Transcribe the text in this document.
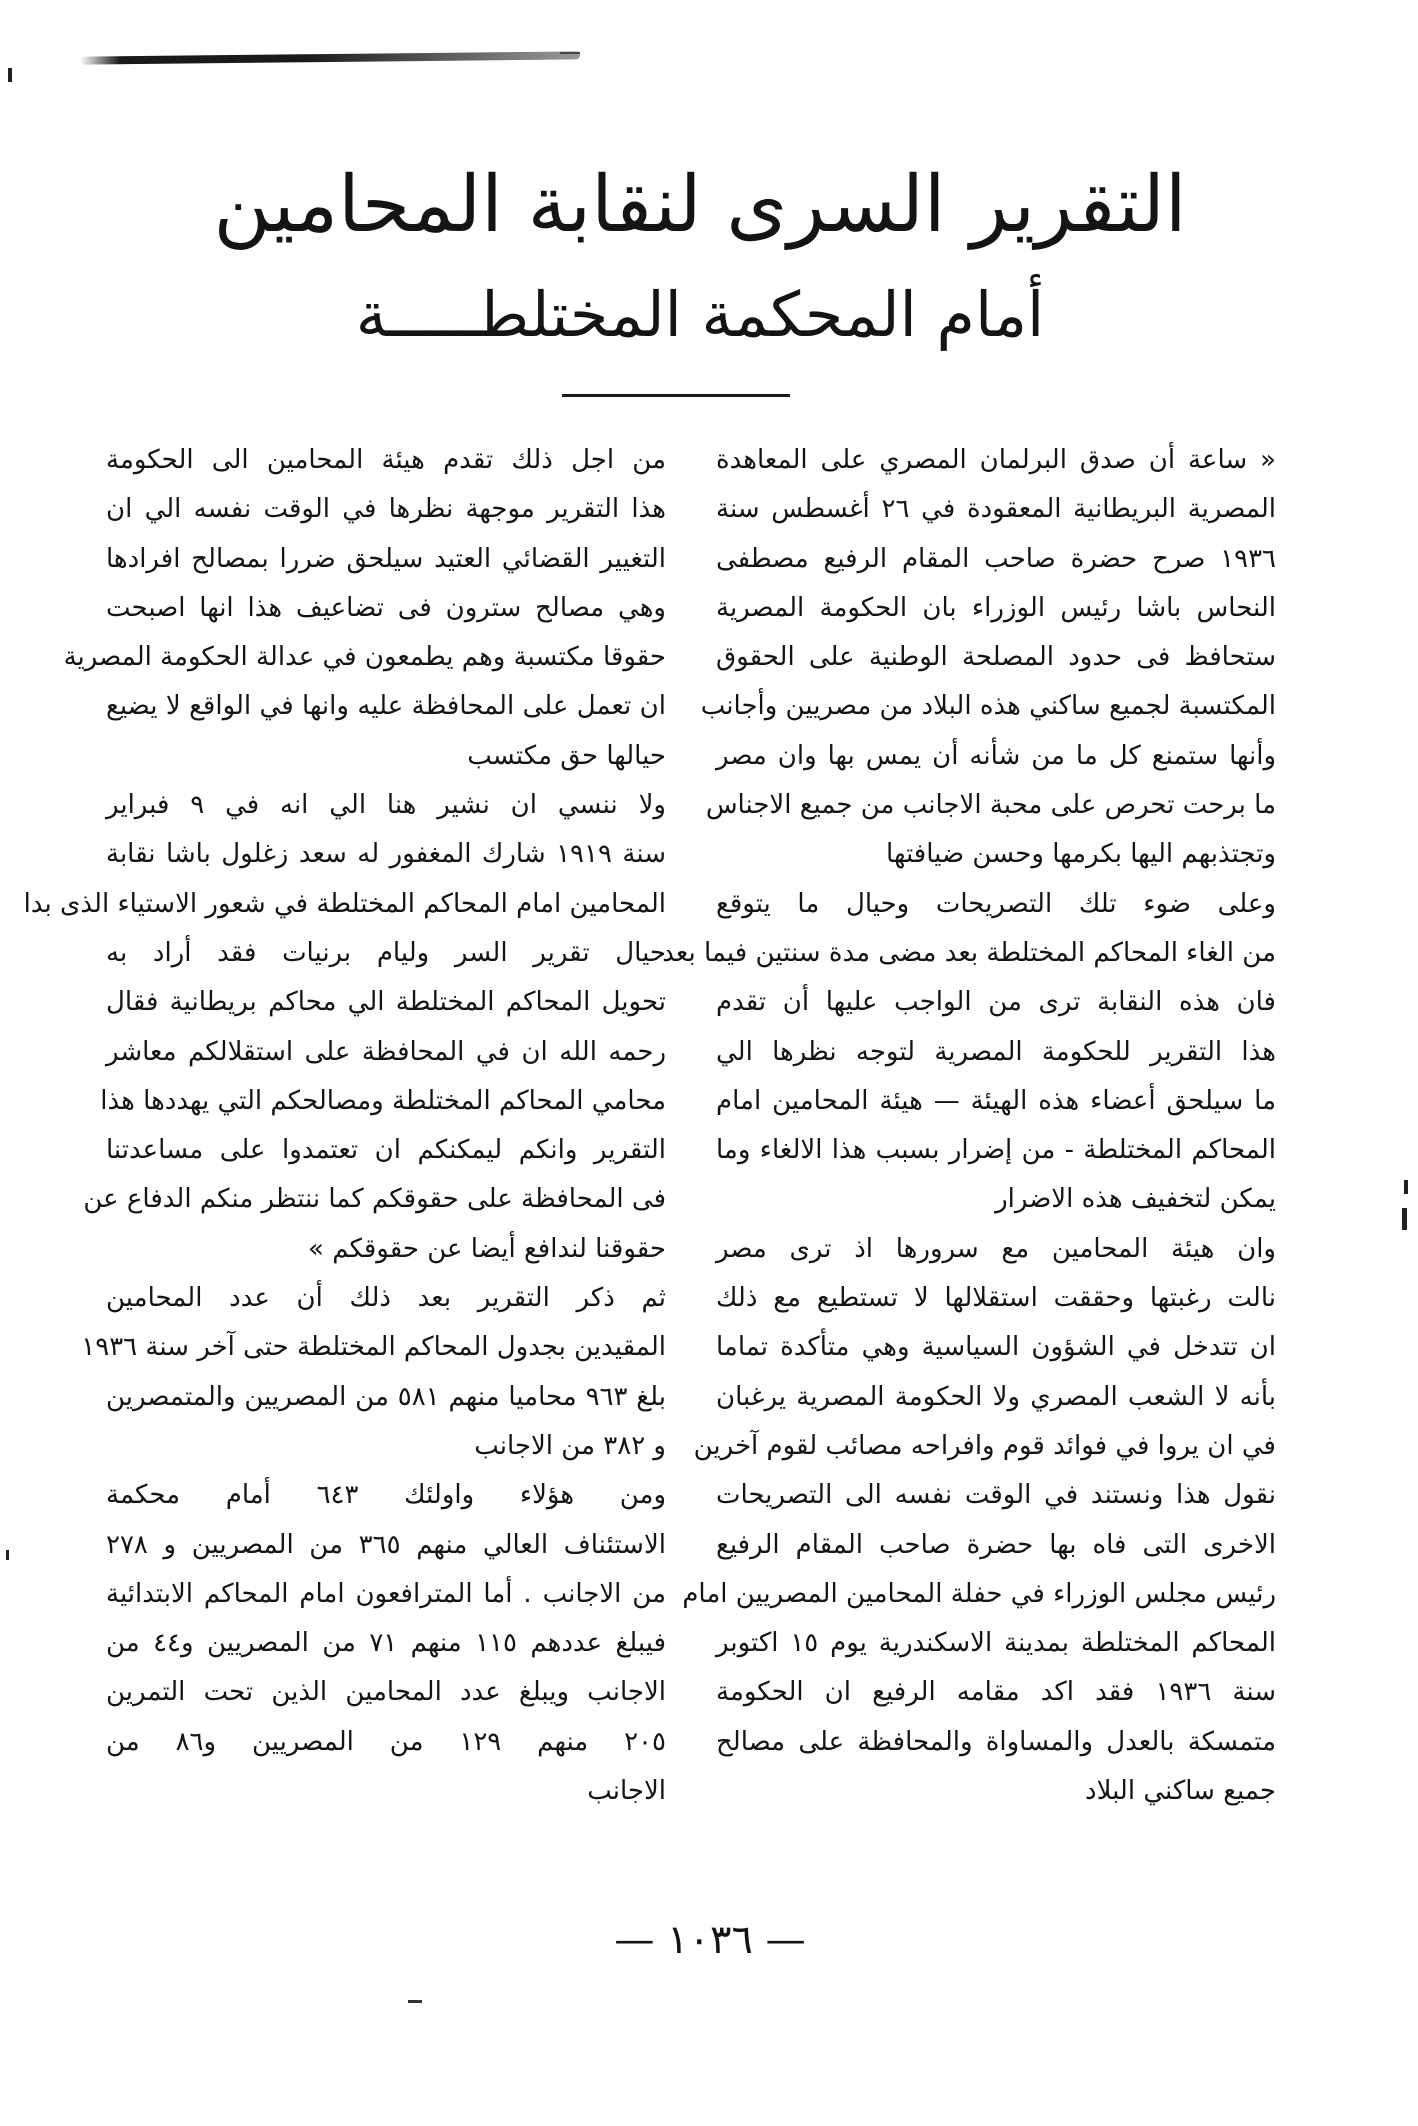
التقرير السرى لنقابة المحامين
أمام المحكمة المختلطـــــة
« ساعة أن صدق البرلمان المصري على المعاهدة
المصرية البريطانية المعقودة في ٢٦ أغسطس سنة
١٩٣٦ صرح حضرة صاحب المقام الرفيع مصطفى
النحاس باشا رئيس الوزراء بان الحكومة المصرية
ستحافظ فى حدود المصلحة الوطنية على الحقوق
المكتسبة لجميع ساكني هذه البلاد من مصريين وأجانب
وأنها ستمنع كل ما من شأنه أن يمس بها وان مصر
ما برحت تحرص على محبة الاجانب من جميع الاجناس
وتجتذبهم اليها بكرمها وحسن ضيافتها
وعلى ضوء تلك التصريحات وحيال ما يتوقع
من الغاء المحاكم المختلطة بعد مضى مدة سنتين فيما بعد
فان هذه النقابة ترى من الواجب عليها أن تقدم
هذا التقرير للحكومة المصرية لتوجه نظرها الي
ما سيلحق أعضاء هذه الهيئة — هيئة المحامين امام
المحاكم المختلطة - من إضرار بسبب هذا الالغاء وما
يمكن لتخفيف هذه الاضرار
وان هيئة المحامين مع سرورها اذ ترى مصر
نالت رغبتها وحققت استقلالها لا تستطيع مع ذلك
ان تتدخل في الشؤون السياسية وهي متأكدة تماما
بأنه لا الشعب المصري ولا الحكومة المصرية يرغبان
في ان يروا في فوائد قوم وافراحه مصائب لقوم آخرين
نقول هذا ونستند في الوقت نفسه الى التصريحات
الاخرى التى فاه بها حضرة صاحب المقام الرفيع
رئيس مجلس الوزراء في حفلة المحامين المصريين امام
المحاكم المختلطة بمدينة الاسكندرية يوم ١٥ اكتوبر
سنة ١٩٣٦ فقد اكد مقامه الرفيع ان الحكومة
متمسكة بالعدل والمساواة والمحافظة على مصالح
جميع ساكني البلاد
من اجل ذلك تقدم هيئة المحامين الى الحكومة
هذا التقرير موجهة نظرها في الوقت نفسه الي ان
التغيير القضائي العتيد سيلحق ضررا بمصالح افرادها
وهي مصالح سترون فى تضاعيف هذا انها اصبحت
حقوقا مكتسبة وهم يطمعون في عدالة الحكومة المصرية
ان تعمل على المحافظة عليه وانها في الواقع لا يضيع
حيالها حق مكتسب
ولا ننسي ان نشير هنا الي انه في ٩ فبراير
سنة ١٩١٩ شارك المغفور له سعد زغلول باشا نقابة
المحامين امام المحاكم المختلطة في شعور الاستياء الذى بدا
حيال تقرير السر وليام برنيات فقد أراد به
تحويل المحاكم المختلطة الي محاكم بريطانية فقال
رحمه الله ان في المحافظة على استقلالكم معاشر
محامي المحاكم المختلطة ومصالحكم التي يهددها هذا
التقرير وانكم ليمكنكم ان تعتمدوا على مساعدتنا
فى المحافظة على حقوقكم كما ننتظر منكم الدفاع عن
حقوقنا لندافع أيضا عن حقوقكم »
ثم ذكر التقرير بعد ذلك أن عدد المحامين
المقيدين بجدول المحاكم المختلطة حتى آخر سنة ١٩٣٦
بلغ ٩٦٣ محاميا منهم ٥٨١ من المصريين والمتمصرين
و ٣٨٢ من الاجانب
ومن هؤلاء واولئك ٦٤٣ أمام محكمة
الاستئناف العالي منهم ٣٦٥ من المصريين و ٢٧٨
من الاجانب . أما المترافعون امام المحاكم الابتدائية
فيبلغ عددهم ١١٥ منهم ٧١ من المصريين و٤٤ من
الاجانب ويبلغ عدد المحامين الذين تحت التمرين
٢٠٥ منهم ١٢٩ من المصريين و٨٦ من
الاجانب
— ١٠٣٦ —
